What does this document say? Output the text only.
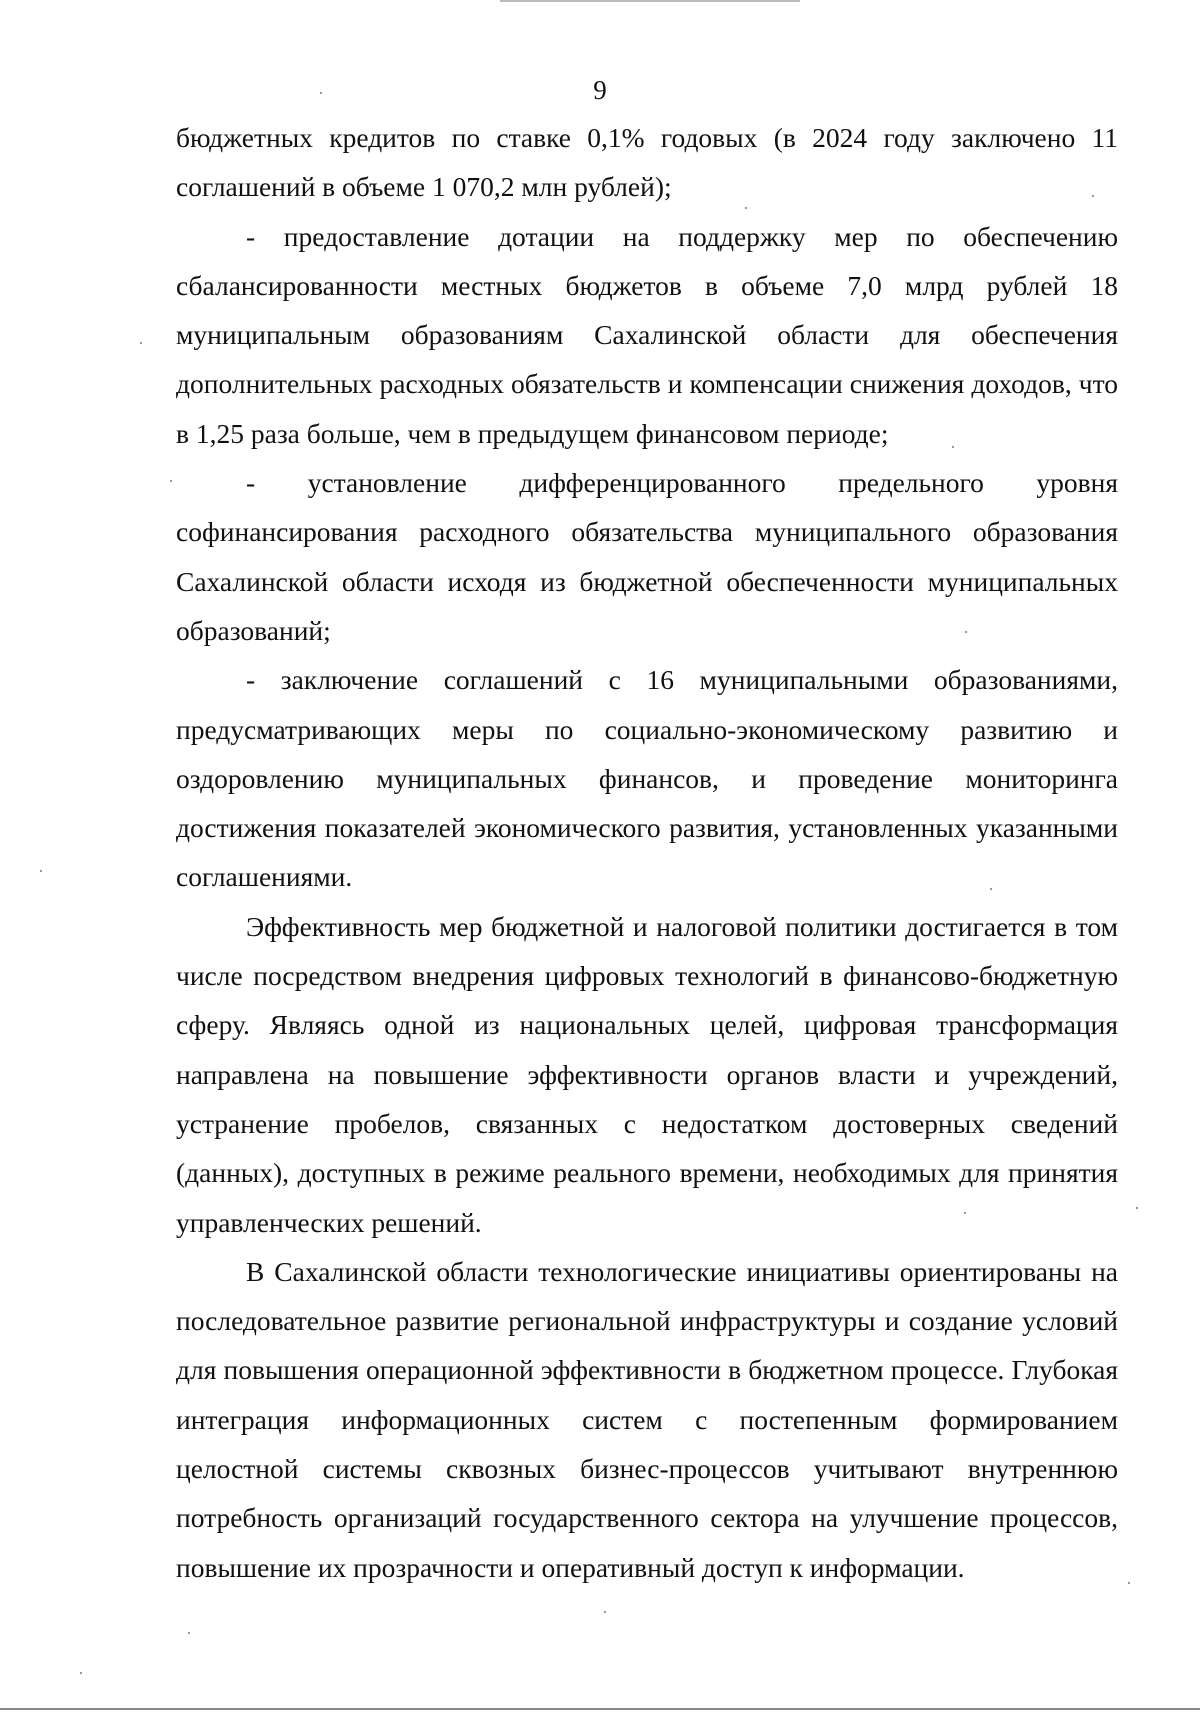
9

бюджетных кредитов по ставке 0,1% годовых (в 2024 году заключено 11 соглашений в объеме 1 070,2 млн рублей);

- предоставление дотации на поддержку мер по обеспечению сбалансированности местных бюджетов в объеме 7,0 млрд рублей 18 муниципальным образованиям Сахалинской области для обеспечения дополнительных расходных обязательств и компенсации снижения доходов, что в 1,25 раза больше, чем в предыдущем финансовом периоде;

- установление дифференцированного предельного уровня софинансирования расходного обязательства муниципального образования Сахалинской области исходя из бюджетной обеспеченности муниципальных образований;

- заключение соглашений с 16 муниципальными образованиями, предусматривающих меры по социально-экономическому развитию и оздоровлению муниципальных финансов, и проведение мониторинга достижения показателей экономического развития, установленных указанными соглашениями.

Эффективность мер бюджетной и налоговой политики достигается в том числе посредством внедрения цифровых технологий в финансово-бюджетную сферу. Являясь одной из национальных целей, цифровая трансформация направлена на повышение эффективности органов власти и учреждений, устранение пробелов, связанных с недостатком достоверных сведений (данных), доступных в режиме реального времени, необходимых для принятия управленческих решений.

В Сахалинской области технологические инициативы ориентированы на последовательное развитие региональной инфраструктуры и создание условий для повышения операционной эффективности в бюджетном процессе. Глубокая интеграция информационных систем с постепенным формированием целостной системы сквозных бизнес-процессов учитывают внутреннюю потребность организаций государственного сектора на улучшение процессов, повышение их прозрачности и оперативный доступ к информации.
